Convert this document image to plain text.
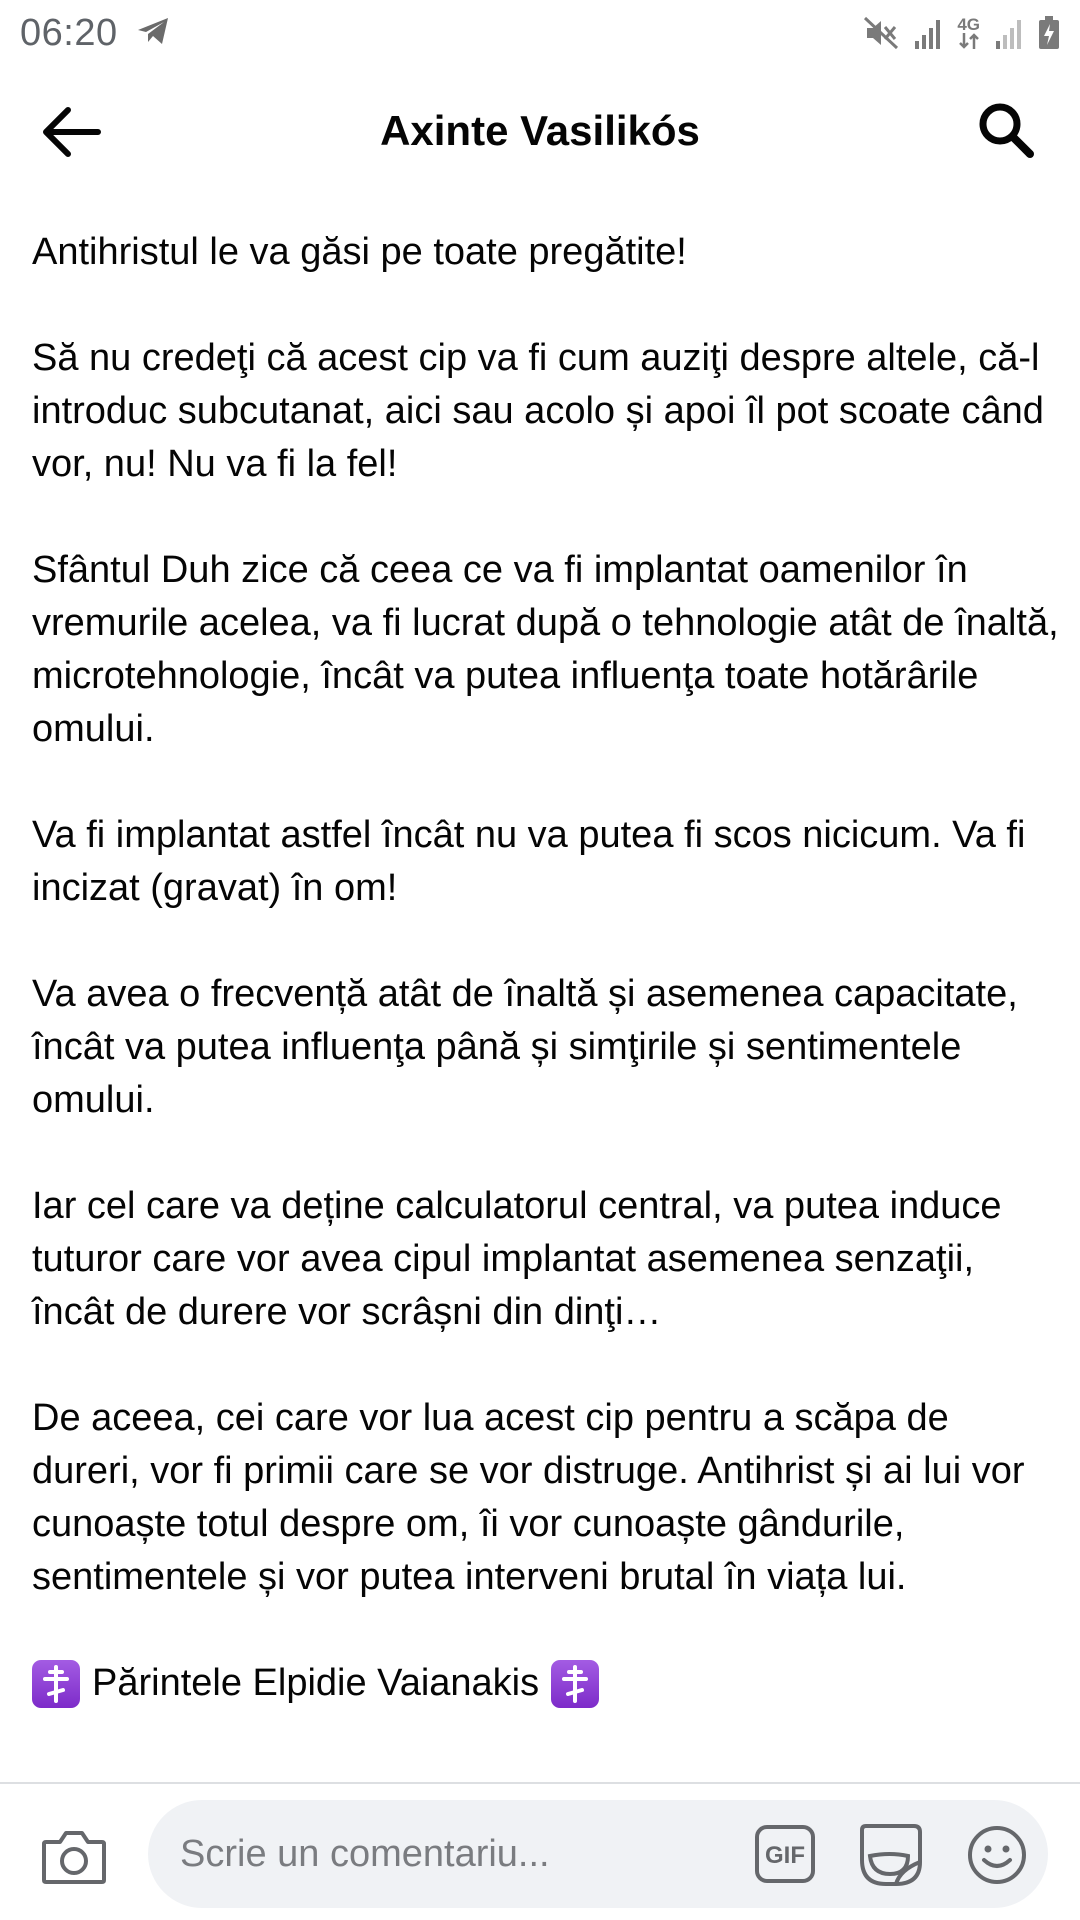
06:20	4G
Axinte Vasilikós

Antihristul le va găsi pe toate pregătite!

Să nu credeţi că acest cip va fi cum auziţi despre altele, că-l introduc subcutanat, aici sau acolo și apoi îl pot scoate când vor, nu! Nu va fi la fel!

Sfântul Duh zice că ceea ce va fi implantat oamenilor în vremurile acelea, va fi lucrat după o tehnologie atât de înaltă, microtehnologie, încât va putea influenţa toate hotărârile omului.

Va fi implantat astfel încât nu va putea fi scos nicicum. Va fi incizat (gravat) în om!

Va avea o frecvență atât de înaltă și asemenea capacitate, încât va putea influenţa până și simţirile și sentimentele omului.

Iar cel care va deține calculatorul central, va putea induce tuturor care vor avea cipul implantat asemenea senzaţii, încât de durere vor scrâșni din dinţi…

De aceea, cei care vor lua acest cip pentru a scăpa de dureri, vor fi primii care se vor distruge. Antihrist și ai lui vor cunoaște totul despre om, îi vor cunoaște gândurile, sentimentele și vor putea interveni brutal în viața lui.

Părintele Elpidie Vaianakis
Scrie un comentariu...
GIF
